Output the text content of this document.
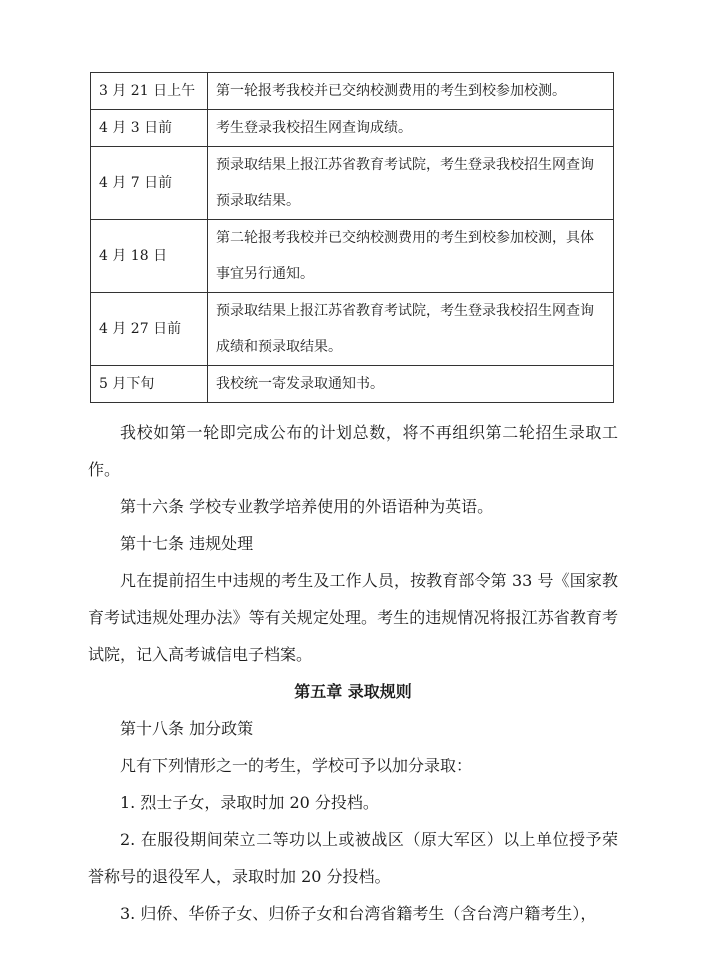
3 月 21 日上午	第一轮报考我校并已交纳校测费用的考生到校参加校测。
4 月 3 日前	考生登录我校招生网查询成绩。
4 月 7 日前	预录取结果上报江苏省教育考试院，考生登录我校招生网查询预录取结果。
4 月 18 日	第二轮报考我校并已交纳校测费用的考生到校参加校测，具体事宜另行通知。
4 月 27 日前	预录取结果上报江苏省教育考试院，考生登录我校招生网查询成绩和预录取结果。
5 月下旬	我校统一寄发录取通知书。
我校如第一轮即完成公布的计划总数，将不再组织第二轮招生录取工作。
第十六条 学校专业教学培养使用的外语语种为英语。
第十七条 违规处理
凡在提前招生中违规的考生及工作人员，按教育部令第 33 号《国家教育考试违规处理办法》等有关规定处理。考生的违规情况将报江苏省教育考试院，记入高考诚信电子档案。
第五章 录取规则
第十八条 加分政策
凡有下列情形之一的考生，学校可予以加分录取：
1. 烈士子女，录取时加 20 分投档。
2. 在服役期间荣立二等功以上或被战区（原大军区）以上单位授予荣誉称号的退役军人，录取时加 20 分投档。
3. 归侨、华侨子女、归侨子女和台湾省籍考生（含台湾户籍考生），
